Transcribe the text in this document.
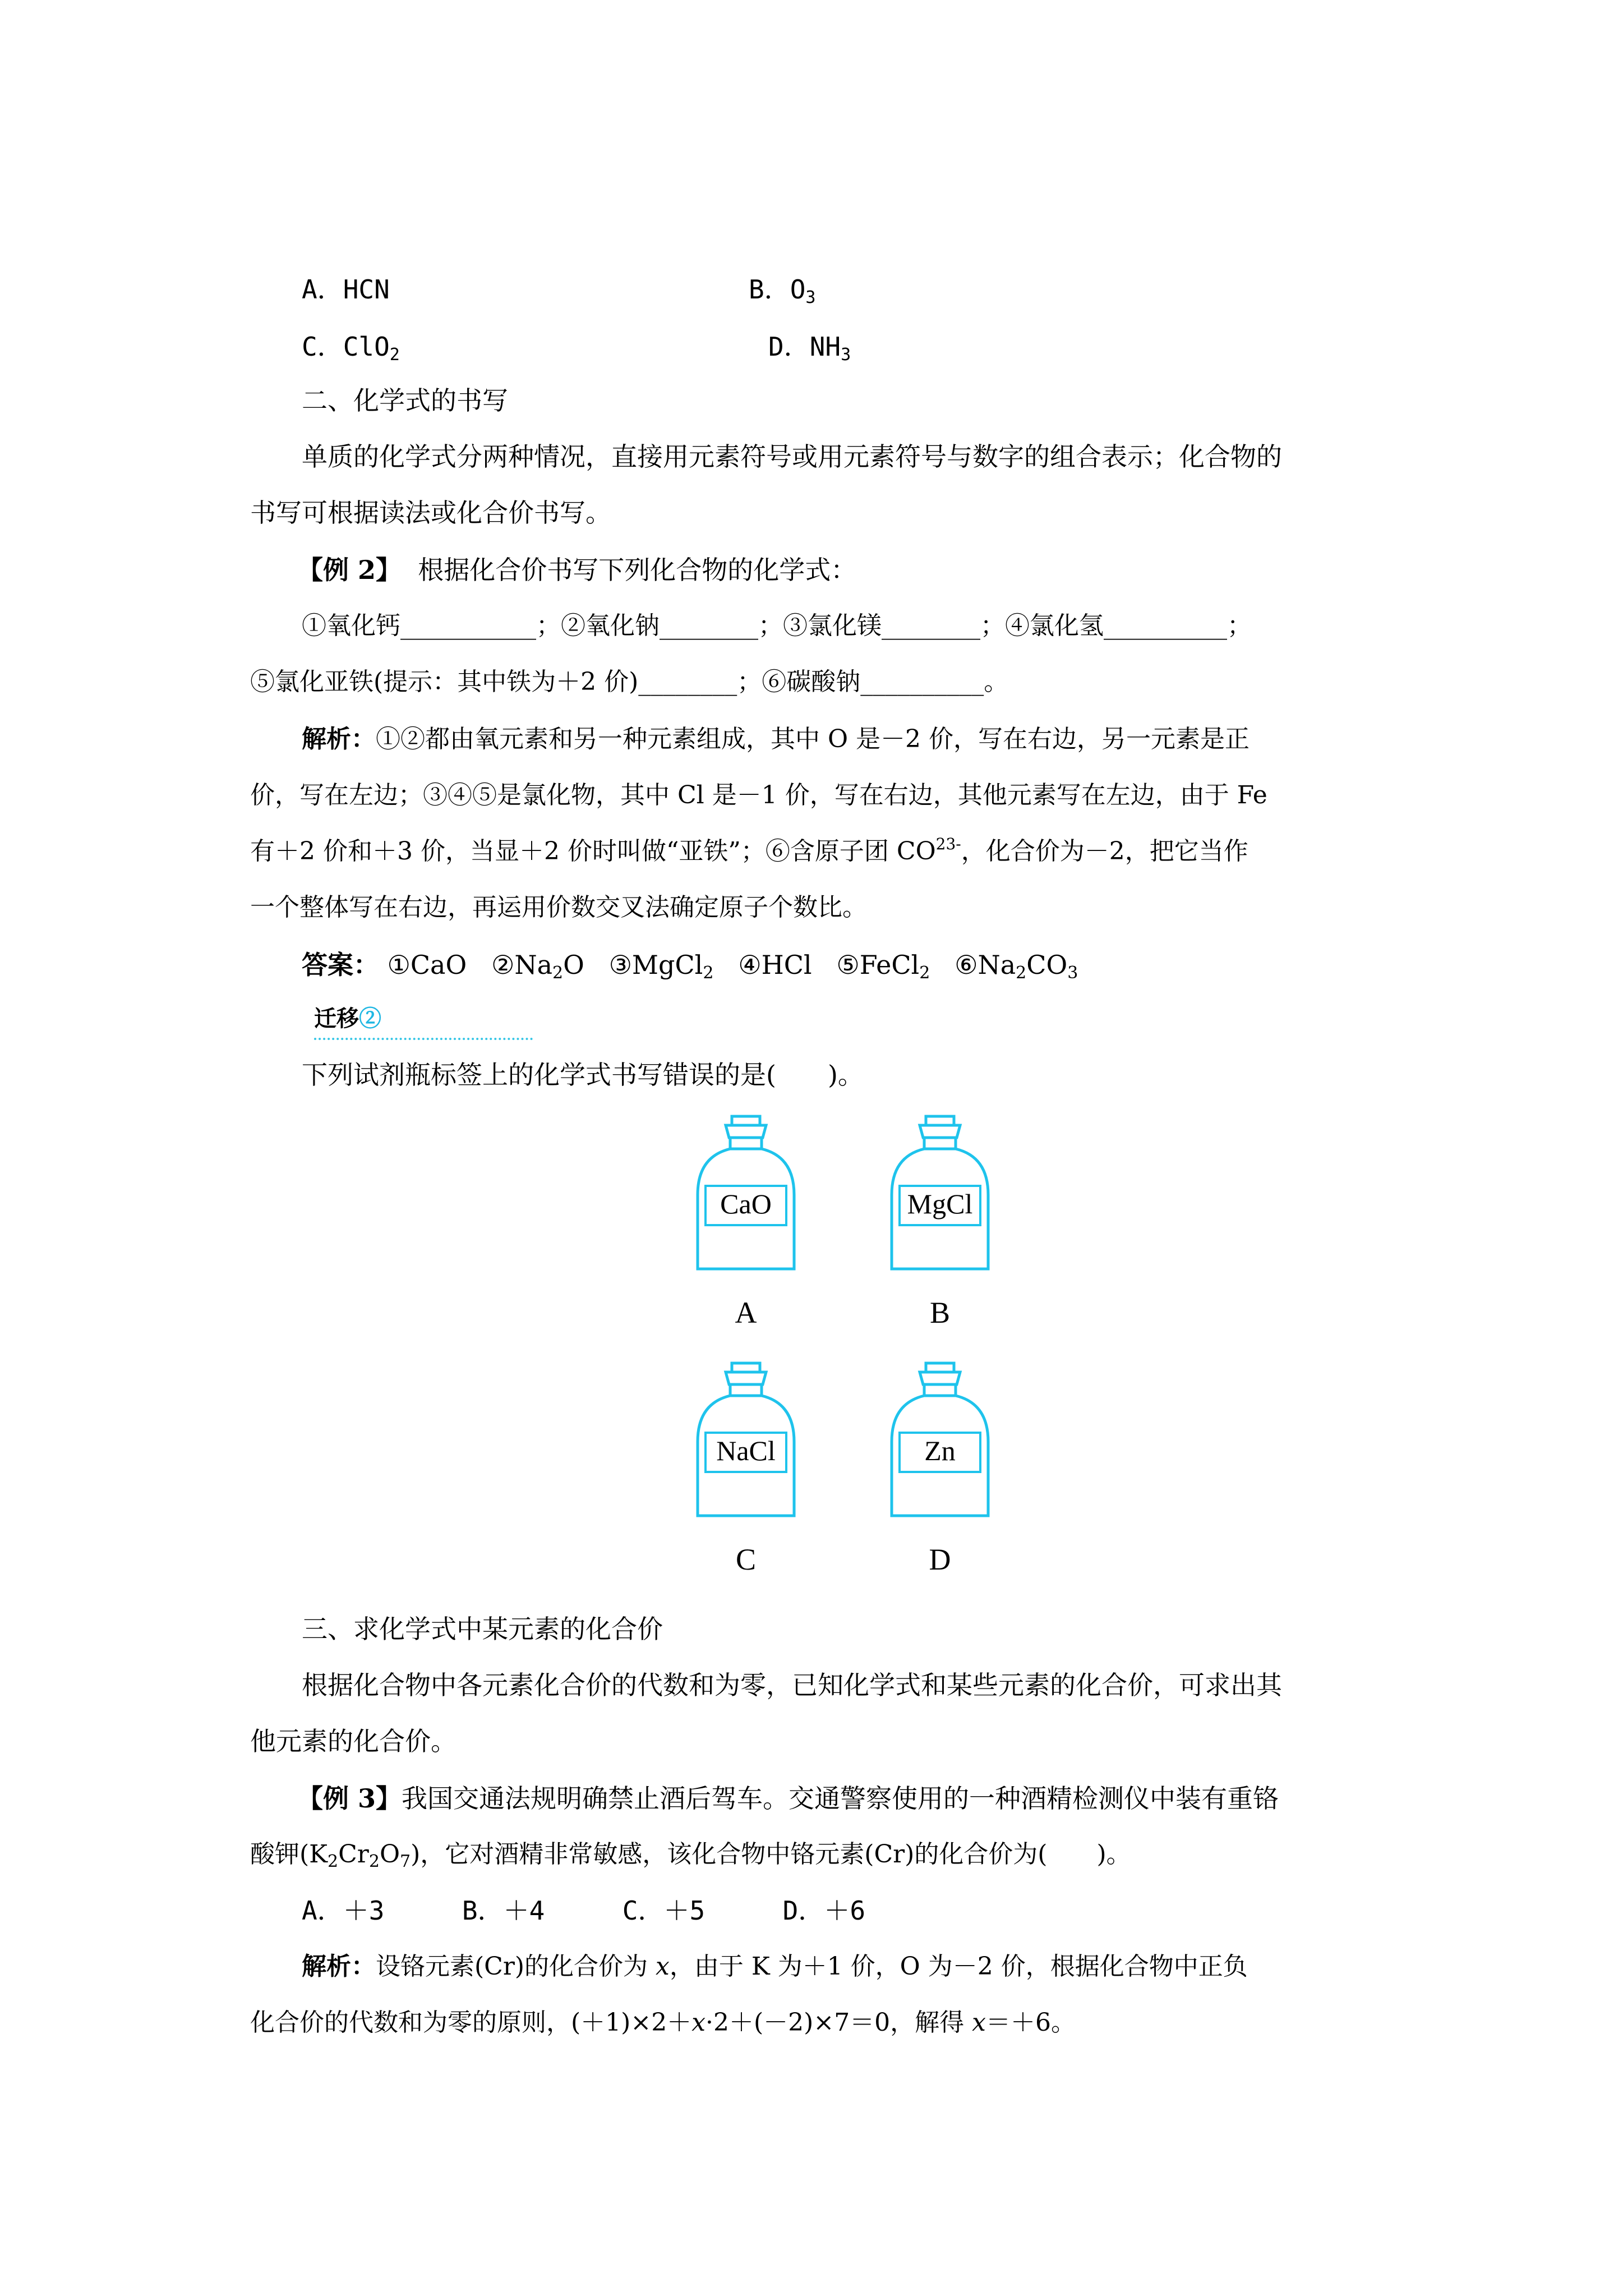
A．HCN	B．$O_3$
C．ClO$_2$	D．$NH_3$
二、化学式的书写
单质的化学式分两种情况，直接用元素符号或用元素符号与数字的组合表示；化合物的
书写可根据读法或化合价书写。
【例 2】 根据化合价书写下列化合物的化学式：
①氧化钙___________；②氧化钠________；③氯化镁________；④氯化氢__________；
⑤氯化亚铁(提示：其中铁为＋2 价)________；⑥碳酸钠__________。
解析：①②都由氧元素和另一种元素组成，其中 O 是－2 价，写在右边，另一元素是正
价，写在左边；③④⑤是氯化物，其中 Cl 是－1 价，写在右边，其他元素写在左边，由于 Fe
有＋2 价和＋3 价，当显＋2 价时叫做“亚铁”；⑥含原子团 $CO^{23-}$，化合价为－2，把它当作
一个整体写在右边，再运用价数交叉法确定原子个数比。
答案： ①CaO $②Na_2O$ ③MgCl$_2$ ④HCl ⑤FeCl$_2$ $⑥Na_2CO_3$
迁移②
下列试剂瓶标签上的化学式书写错误的是(　　)。
CaO
A
MgCl
B
NaCl
C
Zn
D
三、求化学式中某元素的化合价
根据化合物中各元素化合价的代数和为零，已知化学式和某些元素的化合价，可求出其
他元素的化合价。
【例 3】我国交通法规明确禁止酒后驾车。交通警察使用的一种酒精检测仪中装有重铬
酸钾$(K_2Cr_2O_7)$，它对酒精非常敏感，该化合物中铬元素(Cr)的化合价为(　　)。
A．＋3	B．＋4	C．＋5	D．＋6
解析：设铬元素(Cr)的化合价为 x，由于 K 为＋1 价，O 为－2 价，根据化合物中正负
化合价的代数和为零的原则，(＋1)×2＋x·2＋(－2)×7＝0，解得 x＝＋6。
